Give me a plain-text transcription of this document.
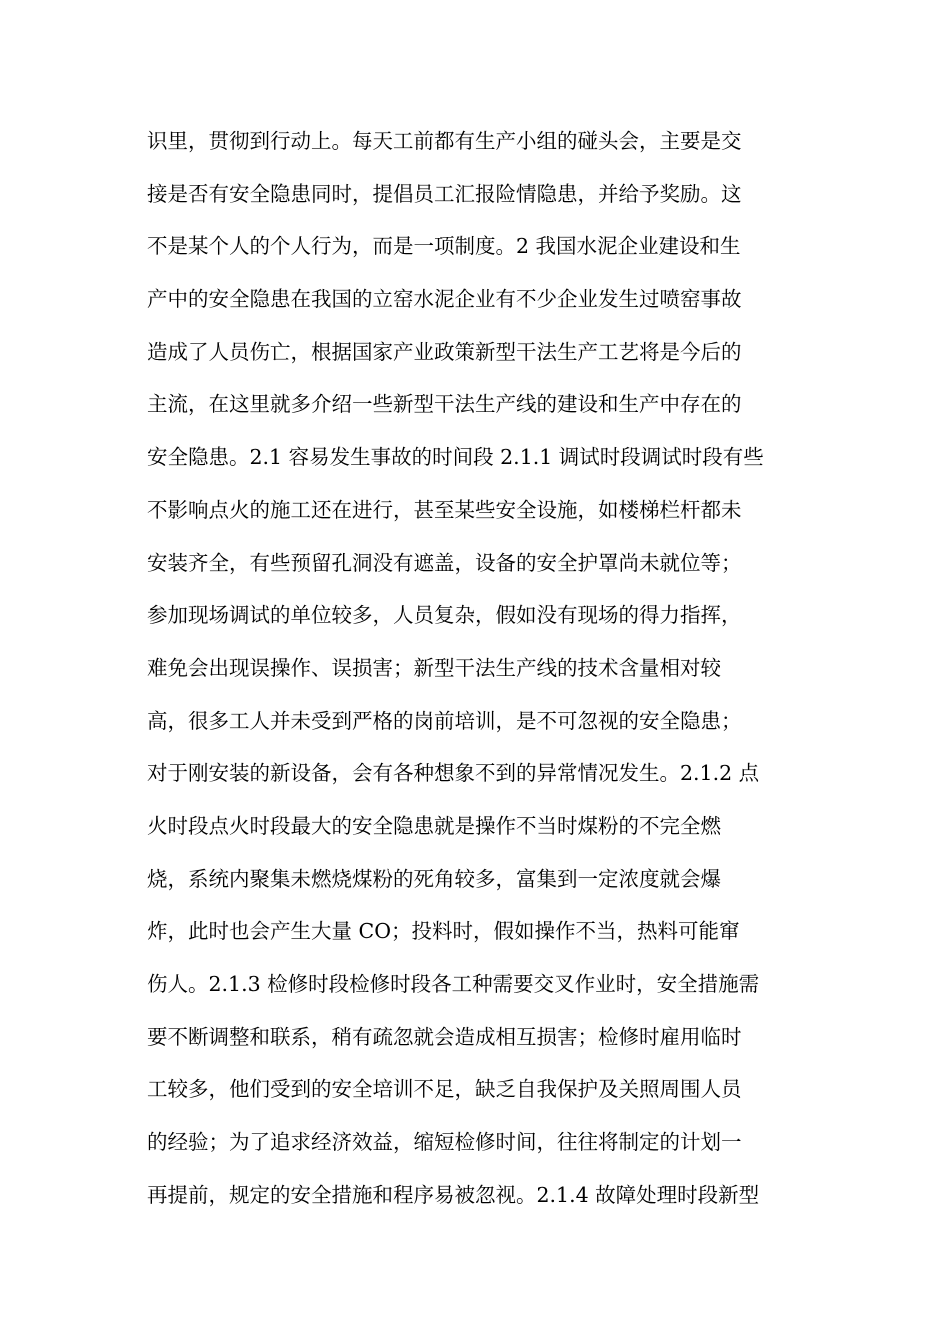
识里，贯彻到行动上。每天工前都有生产小组的碰头会，主要是交
接是否有安全隐患同时，提倡员工汇报险情隐患，并给予奖励。这
不是某个人的个人行为，而是一项制度。2 我国水泥企业建设和生
产中的安全隐患在我国的立窑水泥企业有不少企业发生过喷窑事故
造成了人员伤亡，根据国家产业政策新型干法生产工艺将是今后的
主流，在这里就多介绍一些新型干法生产线的建设和生产中存在的
安全隐患。2.1 容易发生事故的时间段 2.1.1 调试时段调试时段有些
不影响点火的施工还在进行，甚至某些安全设施，如楼梯栏杆都未
安装齐全，有些预留孔洞没有遮盖，设备的安全护罩尚未就位等；
参加现场调试的单位较多，人员复杂，假如没有现场的得力指挥，
难免会出现误操作、误损害；新型干法生产线的技术含量相对较
高，很多工人并未受到严格的岗前培训，是不可忽视的安全隐患；
对于刚安装的新设备，会有各种想象不到的异常情况发生。2.1.2 点
火时段点火时段最大的安全隐患就是操作不当时煤粉的不完全燃
烧，系统内聚集未燃烧煤粉的死角较多，富集到一定浓度就会爆
炸，此时也会产生大量 CO；投料时，假如操作不当，热料可能窜
伤人。2.1.3 检修时段检修时段各工种需要交叉作业时，安全措施需
要不断调整和联系，稍有疏忽就会造成相互损害；检修时雇用临时
工较多，他们受到的安全培训不足，缺乏自我保护及关照周围人员
的经验；为了追求经济效益，缩短检修时间，往往将制定的计划一
再提前，规定的安全措施和程序易被忽视。2.1.4 故障处理时段新型
